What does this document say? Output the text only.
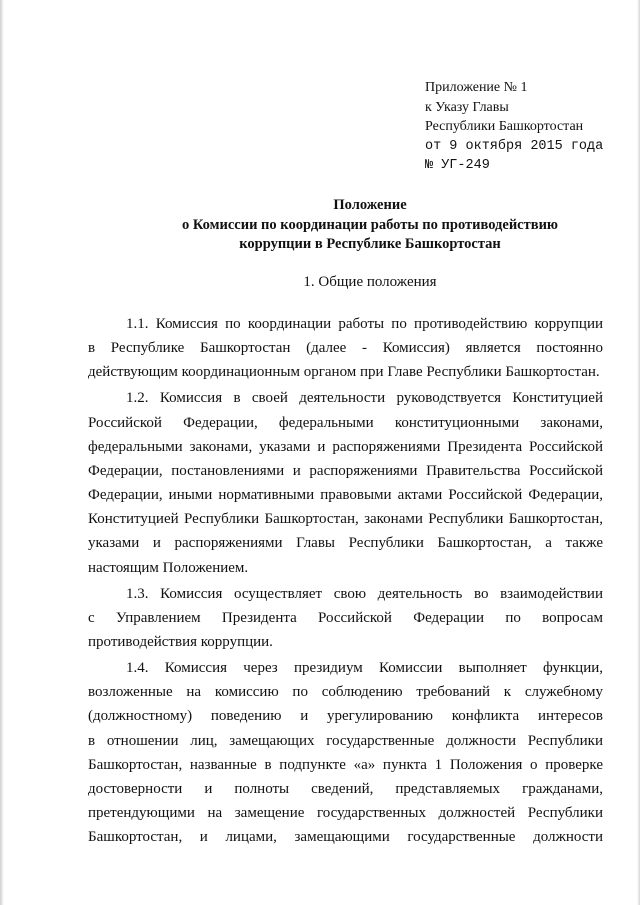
Приложение № 1
к Указу Главы
Республики Башкортостан
от 9 октября 2015 года
№ УГ-249
Положение
о Комиссии по координации работы по противодействию
коррупции в Республике Башкортостан
1. Общие положения
1.1. Комиссия по координации работы по противодействию коррупции
в Республике Башкортостан (далее - Комиссия) является постоянно
действующим координационным органом при Главе Республики Башкортостан.
1.2. Комиссия в своей деятельности руководствуется Конституцией
Российской Федерации, федеральными конституционными законами,
федеральными законами, указами и распоряжениями Президента Российской
Федерации, постановлениями и распоряжениями Правительства Российской
Федерации, иными нормативными правовыми актами Российской Федерации,
Конституцией Республики Башкортостан, законами Республики Башкортостан,
указами и распоряжениями Главы Республики Башкортостан, а также
настоящим Положением.
1.3. Комиссия осуществляет свою деятельность во взаимодействии
с Управлением Президента Российской Федерации по вопросам
противодействия коррупции.
1.4. Комиссия через президиум Комиссии выполняет функции,
возложенные на комиссию по соблюдению требований к служебному
(должностному) поведению и урегулированию конфликта интересов
в отношении лиц, замещающих государственные должности Республики
Башкортостан, названные в подпункте «а» пункта 1 Положения о проверке
достоверности и полноты сведений, представляемых гражданами,
претендующими на замещение государственных должностей Республики
Башкортостан, и лицами, замещающими государственные должности
